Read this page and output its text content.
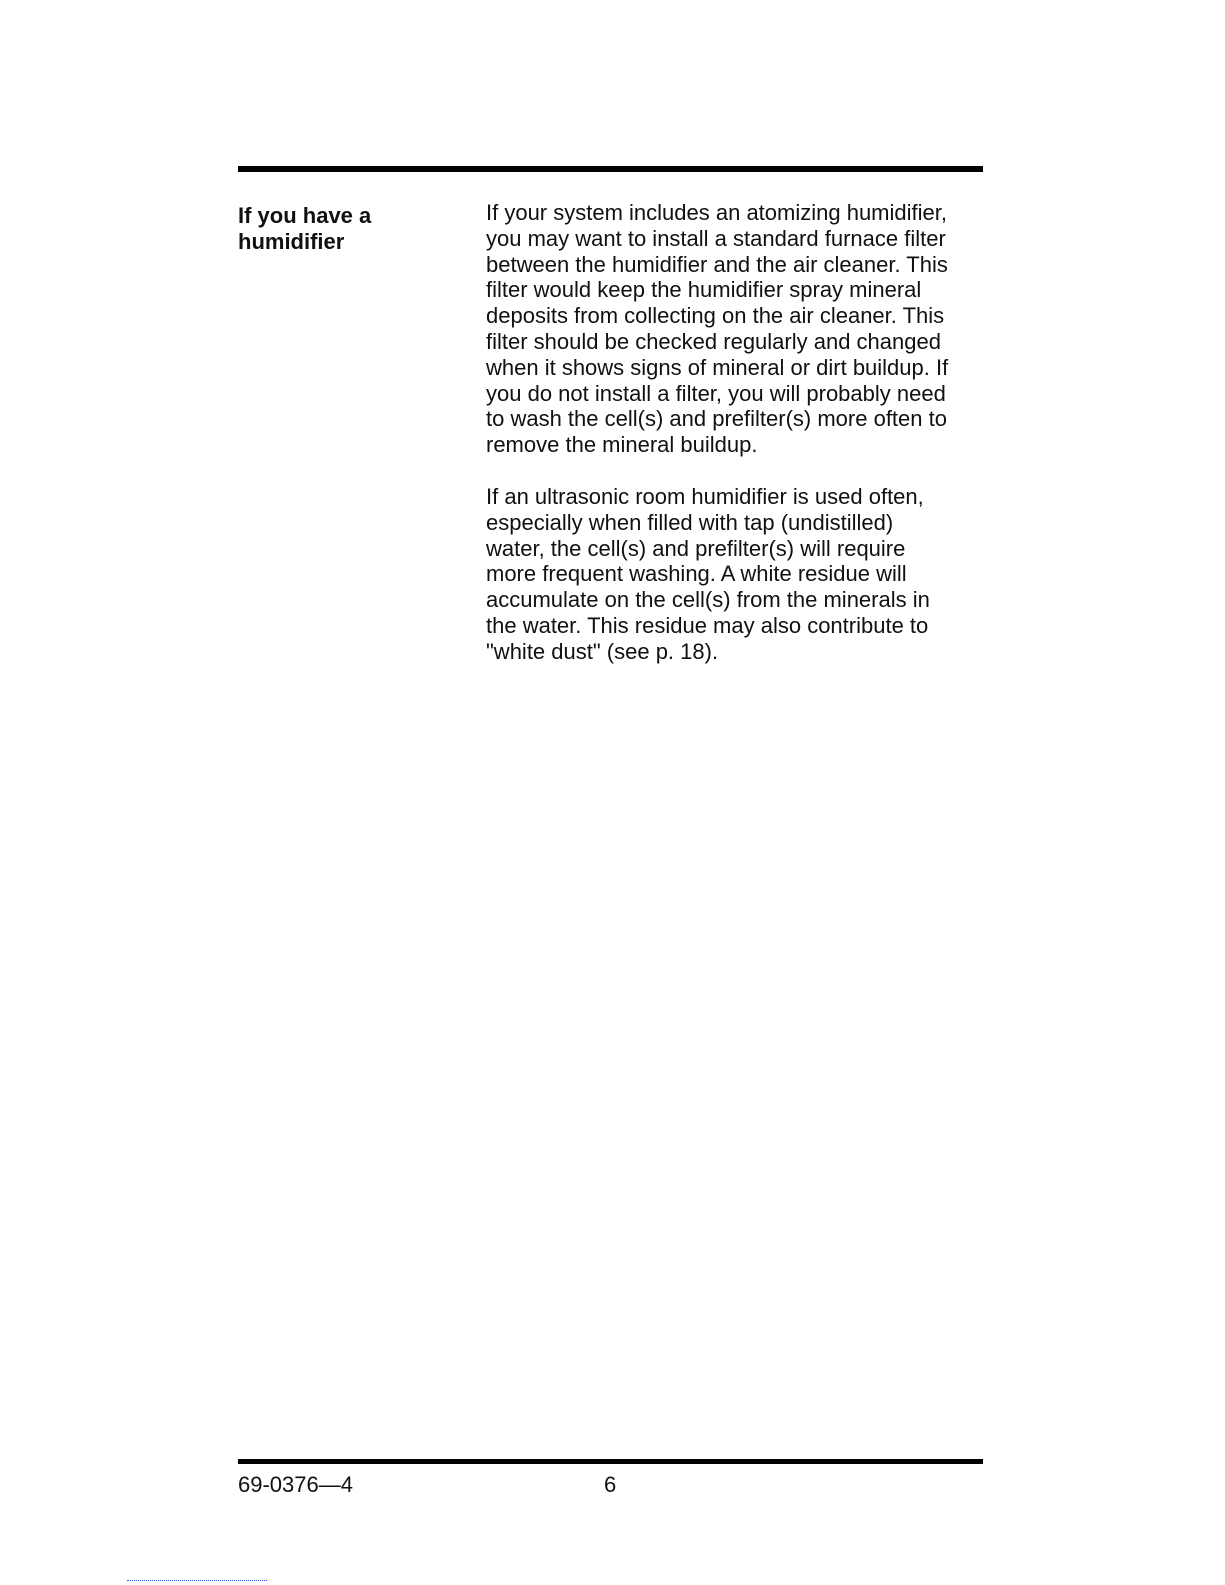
If you have a
humidifier

If your system includes an atomizing humidifier,
you may want to install a standard furnace filter
between the humidifier and the air cleaner. This
filter would keep the humidifier spray mineral
deposits from collecting on the air cleaner. This
filter should be checked regularly and changed
when it shows signs of mineral or dirt buildup. If
you do not install a filter, you will probably need
to wash the cell(s) and prefilter(s) more often to
remove the mineral buildup.

If an ultrasonic room humidifier is used often,
especially when filled with tap (undistilled)
water, the cell(s) and prefilter(s) will require
more frequent washing. A white residue will
accumulate on the cell(s) from the minerals in
the water. This residue may also contribute to
"white dust" (see p. 18).

69-0376—4	6
